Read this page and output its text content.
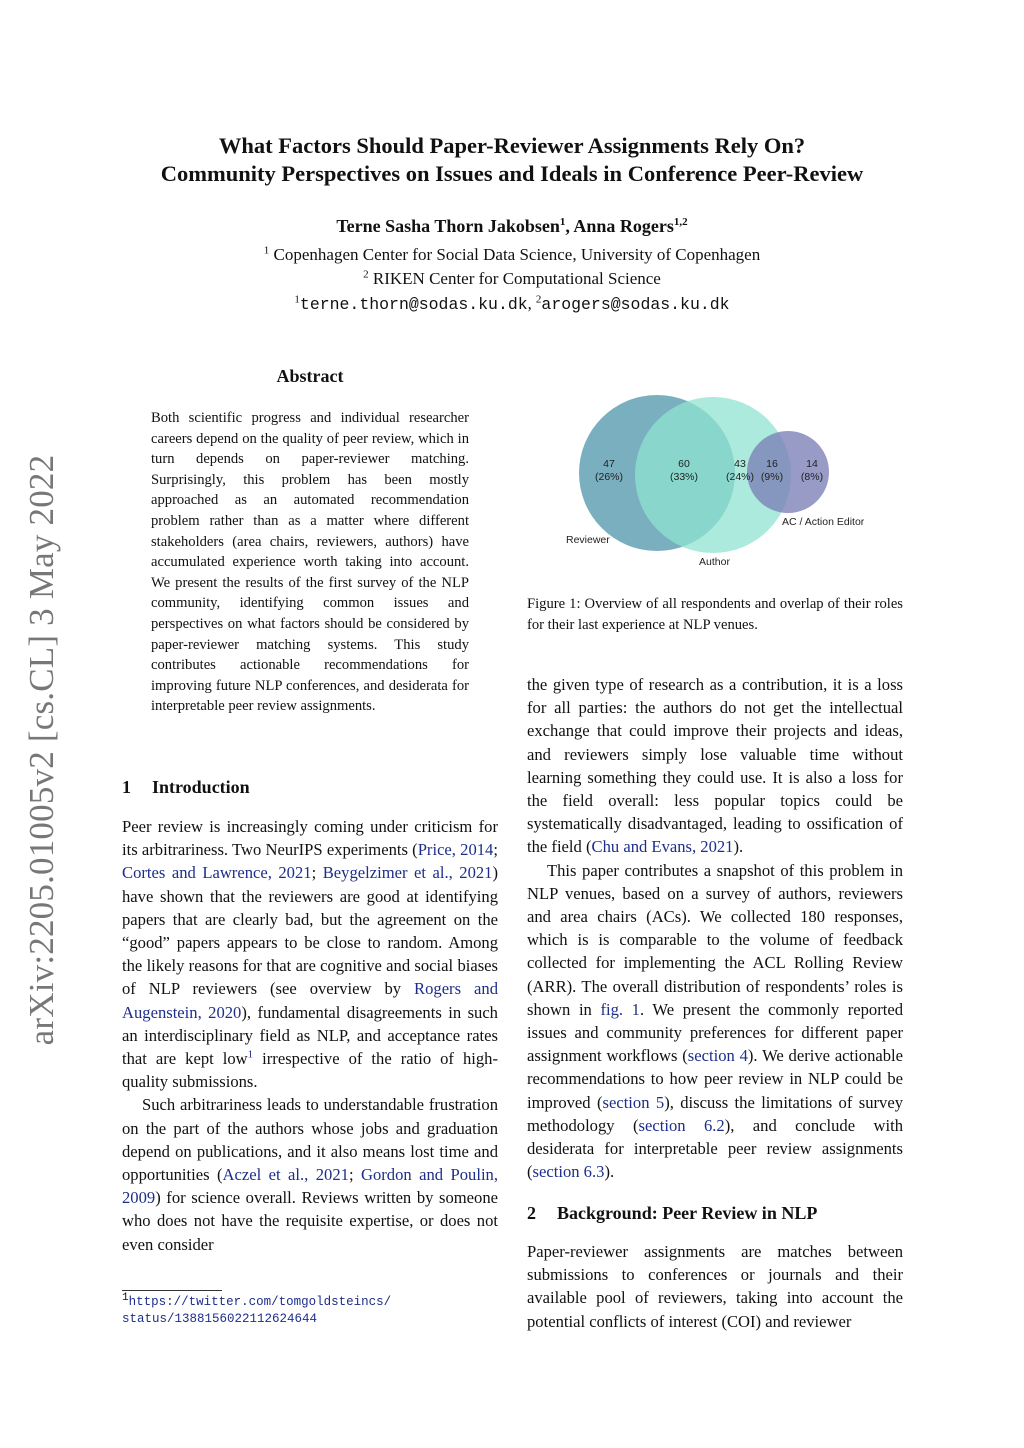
arXiv:2205.01005v2 [cs.CL] 3 May 2022
What Factors Should Paper-Reviewer Assignments Rely On?
Community Perspectives on Issues and Ideals in Conference Peer-Review
Terne Sasha Thorn Jakobsen$^1$, Anna Rogers$^{1,2}$
$^1$ Copenhagen Center for Social Data Science, University of Copenhagen
$^2$ RIKEN Center for Computational Science
$^1$terne.thorn@sodas.ku.dk, $^2$arogers@sodas.ku.dk
Abstract
Both scientific progress and individual researcher careers depend on the quality of peer review, which in turn depends on paper-reviewer matching. Surprisingly, this problem has been mostly approached as an automated recommendation problem rather than as a matter where different stakeholders (area chairs, reviewers, authors) have accumulated experience worth taking into account. We present the results of the first survey of the NLP community, identifying common issues and perspectives on what factors should be considered by paper-reviewer matching systems. This study contributes actionable recommendations for improving future NLP conferences, and desiderata for interpretable peer review assignments.
1 Introduction

Peer review is increasingly coming under criticism for its arbitrariness. Two NeurIPS experiments (Price, 2014; Cortes and Lawrence, 2021; Beygelzimer et al., 2021) have shown that the reviewers are good at identifying papers that are clearly bad, but the agreement on the “good” papers appears to be close to random. Among the likely reasons for that are cognitive and social biases of NLP reviewers (see overview by Rogers and Augenstein, 2020), fundamental disagreements in such an interdisciplinary field as NLP, and acceptance rates that are kept low$^1$ irrespective of the ratio of high-quality submissions.

Such arbitrariness leads to understandable frustration on the part of the authors whose jobs and graduation depend on publications, and it also means lost time and opportunities (Aczel et al., 2021; Gordon and Poulin, 2009) for science overall. Reviews written by someone who does not have the requisite expertise, or does not even consider

$^1$https://twitter.com/tomgoldsteincs/
status/1388156022112624644
47
(26%)
60
(33%)
43
(24%)
16
(9%)
14
(8%)
Reviewer
Author
AC / Action Editor
Figure 1: Overview of all respondents and overlap of their roles for their last experience at NLP venues.

the given type of research as a contribution, it is a loss for all parties: the authors do not get the intellectual exchange that could improve their projects and ideas, and reviewers simply lose valuable time without learning something they could use. It is also a loss for the field overall: less popular topics could be systematically disadvantaged, leading to ossification of the field (Chu and Evans, 2021).

This paper contributes a snapshot of this problem in NLP venues, based on a survey of authors, reviewers and area chairs (ACs). We collected 180 responses, which is is comparable to the volume of feedback collected for implementing the ACL Rolling Review (ARR). The overall distribution of respondents’ roles is shown in fig. 1. We present the commonly reported issues and community preferences for different paper assignment workflows (section 4). We derive actionable recommendations to how peer review in NLP could be improved (section 5), discuss the limitations of survey methodology (section 6.2), and conclude with desiderata for interpretable peer review assignments (section 6.3).

2 Background: Peer Review in NLP

Paper-reviewer assignments are matches between submissions to conferences or journals and their available pool of reviewers, taking into account the potential conflicts of interest (COI) and reviewer
